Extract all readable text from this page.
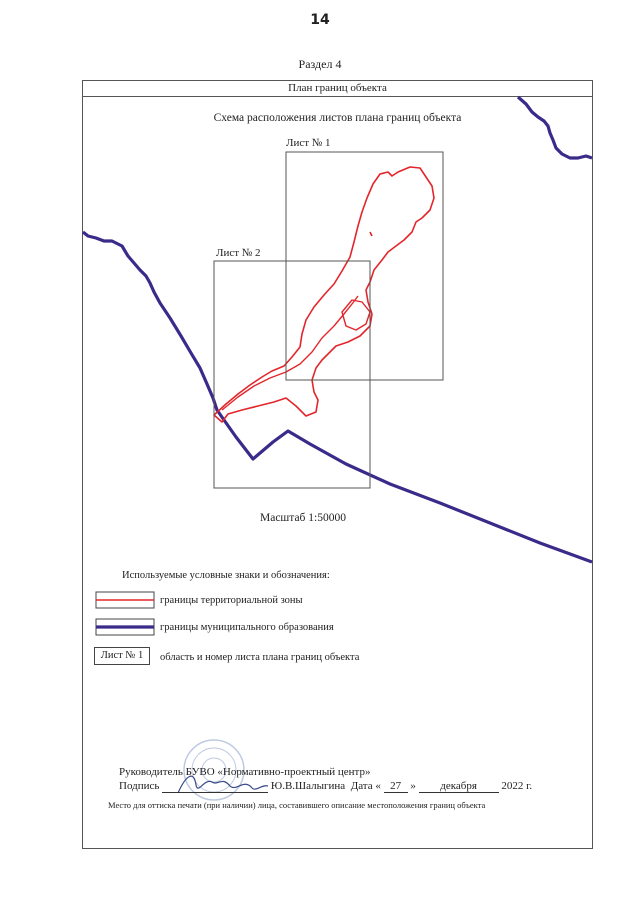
14
Раздел 4
План границ объекта
Схема расположения листов плана границ объекта
Лист № 1
Лист № 2
границы территориальной зоны
границы муниципального образования
область и номер листа плана границ объекта
Масштаб 1:50000
Используемые условные знаки и обозначения:
Лист № 1
Руководитель БУВО «Нормативно-проектный центр»
Подпись	Ю.В.Шалыгина Дата « 27 » декабря 2022 г.
Место для оттиска печати (при наличии) лица, составившего описание местоположения границ объекта
